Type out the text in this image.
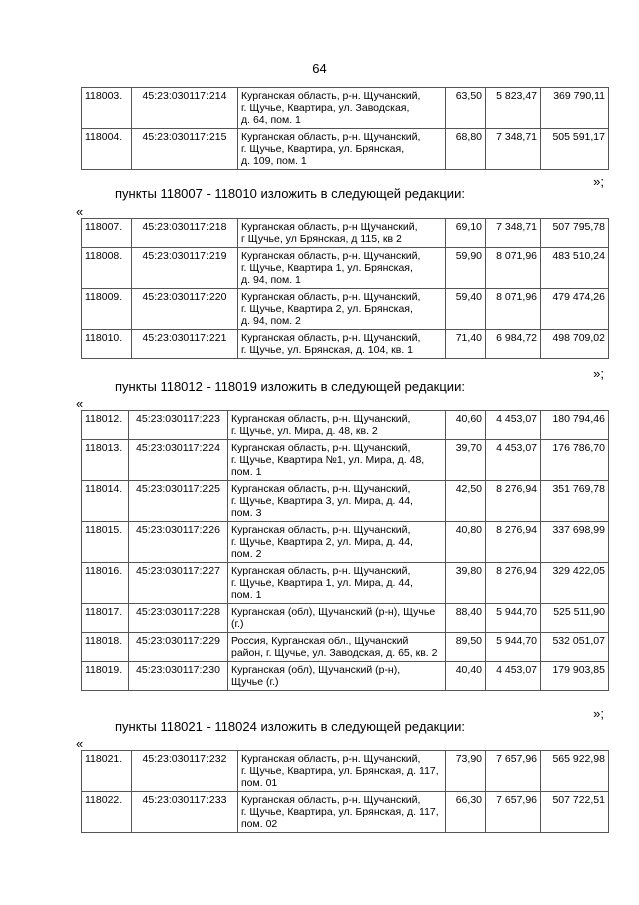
64
118003.	45:23:030117:214	Курганская область, р-н. Щучанский,
г. Щучье, Квартира, ул. Заводская,
д. 64, пом. 1	63,50	5 823,47	369 790,11
118004.	45:23:030117:215	Курганская область, р-н. Щучанский,
г. Щучье, Квартира, ул. Брянская,
д. 109, пом. 1	68,80	7 348,71	505 591,17
»;
пункты 118007 - 118010 изложить в следующей редакции:
«
118007.	45:23:030117:218	Курганская область, р-н Щучанский,
г Щучье, ул Брянская, д 115, кв 2	69,10	7 348,71	507 795,78
118008.	45:23:030117:219	Курганская область, р-н. Щучанский,
г. Щучье, Квартира 1, ул. Брянская,
д. 94, пом. 1	59,90	8 071,96	483 510,24
118009.	45:23:030117:220	Курганская область, р-н. Щучанский,
г. Щучье, Квартира 2, ул. Брянская,
д. 94, пом. 2	59,40	8 071,96	479 474,26
118010.	45:23:030117:221	Курганская область, р-н. Щучанский,
г. Щучье, ул. Брянская, д. 104, кв. 1	71,40	6 984,72	498 709,02
»;
пункты 118012 - 118019 изложить в следующей редакции:
«
118012.	45:23:030117:223	Курганская область, р-н. Щучанский,
г. Щучье, ул. Мира, д. 48, кв. 2	40,60	4 453,07	180 794,46
118013.	45:23:030117:224	Курганская область, р-н. Щучанский,
г. Щучье, Квартира №1, ул. Мира, д. 48,
пом. 1	39,70	4 453,07	176 786,70
118014.	45:23:030117:225	Курганская область, р-н. Щучанский,
г. Щучье, Квартира 3, ул. Мира, д. 44,
пом. 3	42,50	8 276,94	351 769,78
118015.	45:23:030117:226	Курганская область, р-н. Щучанский,
г. Щучье, Квартира 2, ул. Мира, д. 44,
пом. 2	40,80	8 276,94	337 698,99
118016.	45:23:030117:227	Курганская область, р-н. Щучанский,
г. Щучье, Квартира 1, ул. Мира, д. 44,
пом. 1	39,80	8 276,94	329 422,05
118017.	45:23:030117:228	Курганская (обл), Щучанский (р-н), Щучье
(г.)	88,40	5 944,70	525 511,90
118018.	45:23:030117:229	Россия, Курганская обл., Щучанский
район, г. Щучье, ул. Заводская, д. 65, кв. 2	89,50	5 944,70	532 051,07
118019.	45:23:030117:230	Курганская (обл), Щучанский (р-н),
Щучье (г.)	40,40	4 453,07	179 903,85
»;
пункты 118021 - 118024 изложить в следующей редакции:
«
118021.	45:23:030117:232	Курганская область, р-н. Щучанский,
г. Щучье, Квартира, ул. Брянская, д. 117,
пом. 01	73,90	7 657,96	565 922,98
118022.	45:23:030117:233	Курганская область, р-н. Щучанский,
г. Щучье, Квартира, ул. Брянская, д. 117,
пом. 02	66,30	7 657,96	507 722,51
